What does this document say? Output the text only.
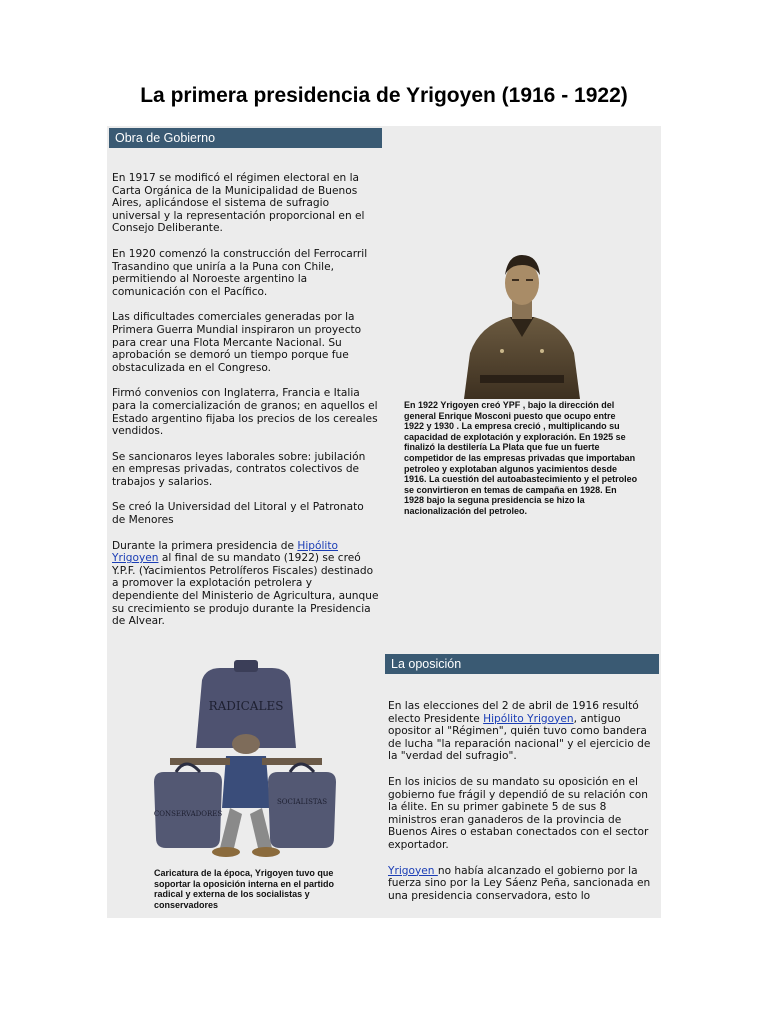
La primera presidencia de Yrigoyen (1916 - 1922)
Obra de Gobierno

En 1917 se modificó el régimen electoral en la Carta Orgánica de la Municipalidad de Buenos Aires, aplicándose el sistema de sufragio universal y la representación proporcional en el Consejo Deliberante.

En 1920 comenzó la construcción del Ferrocarril Trasandino que uniría a la Puna con Chile, permitiendo al Noroeste argentino la comunicación con el Pacífico.

Las dificultades comerciales generadas por la Primera Guerra Mundial inspiraron un proyecto para crear una Flota Mercante Nacional. Su aprobación se demoró un tiempo porque fue obstaculizada en el Congreso.

Firmó convenios con Inglaterra, Francia e Italia para la comercialización de granos; en aquellos el Estado argentino fijaba los precios de los cereales vendidos.

Se sancionaros leyes laborales sobre: jubilación en empresas privadas, contratos colectivos de trabajos y salarios.

Se creó la Universidad del Litoral y el Patronato de Menores

Durante la primera presidencia de Hipólito Yrigoyen al final de su mandato (1922) se creó Y.P.F. (Yacimientos Petrolíferos Fiscales) destinado a promover la explotación petrolera y dependiente del Ministerio de Agricultura, aunque su crecimiento se produjo durante la Presidencia de Alvear.

En 1922 Yrigoyen creó YPF , bajo la dirección del general Enrique Mosconi puesto que ocupo entre 1922 y 1930 . La empresa creció , multiplicando su capacidad de explotación y exploración. En 1925 se finalizó la destilería La Plata que fue un fuerte competidor de las empresas privadas que importaban petroleo y explotaban algunos yacimientos desde 1916. La cuestión del autoabastecimiento y el petroleo se convirtieron en temas de campaña en 1928. En 1928 bajo la seguna presidencia se hizo la nacionalización del petroleo.
RADICALES
CONSERVADORES
SOCIALISTAS
Caricatura de la época, Yrigoyen tuvo que soportar la oposición interna en el partido radical y externa de los socialistas y conservadores
La oposición

En las elecciones del 2 de abril de 1916 resultó electo Presidente Hipólito Yrigoyen, antiguo opositor al "Régimen", quién tuvo como bandera de lucha "la reparación nacional" y el ejercicio de la "verdad del sufragio".

En los inicios de su mandato su oposición en el gobierno fue frágil y dependió de su relación con la élite. En su primer gabinete 5 de sus 8 ministros eran ganaderos de la provincia de Buenos Aires o estaban conectados con el sector exportador.

Yrigoyen no había alcanzado el gobierno por la fuerza sino por la Ley Sáenz Peña, sancionada en una presidencia conservadora, esto lo
